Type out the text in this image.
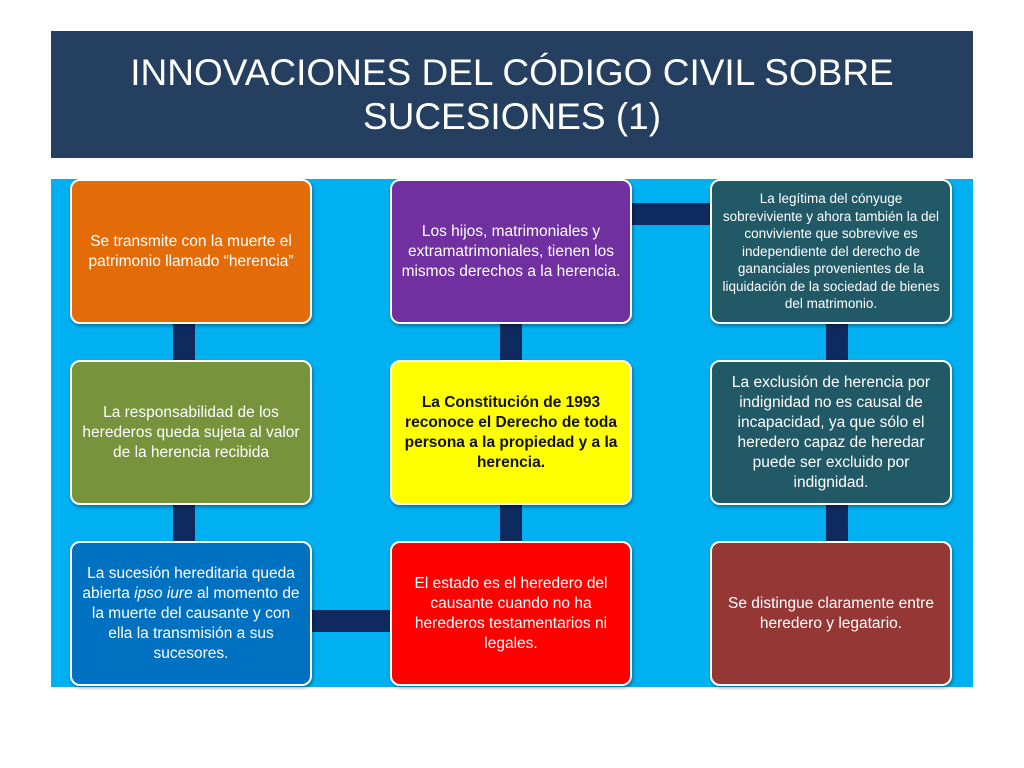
INNOVACIONES DEL CÓDIGO CIVIL SOBRE SUCESIONES (1)
Se transmite con la muerte el patrimonio llamado “herencia”
La responsabilidad de los herederos queda sujeta al valor de la herencia recibida
La sucesión hereditaria queda abierta ipso iure al momento de la muerte del causante y con ella la transmisión a sus sucesores.
Los hijos, matrimoniales y extramatrimoniales, tienen los mismos derechos a la herencia.
La Constitución de 1993 reconoce el Derecho de toda persona a la propiedad y a la herencia.
El estado es el heredero del causante cuando no ha herederos testamentarios ni legales.
La legítima del cónyuge sobreviviente y ahora también la del conviviente que sobrevive es independiente del derecho de gananciales provenientes de la liquidación de la sociedad de bienes del matrimonio.
La exclusión de herencia por indignidad no es causal de incapacidad, ya que sólo el heredero capaz de heredar puede ser excluido por indignidad.
Se distingue claramente entre heredero y legatario.
